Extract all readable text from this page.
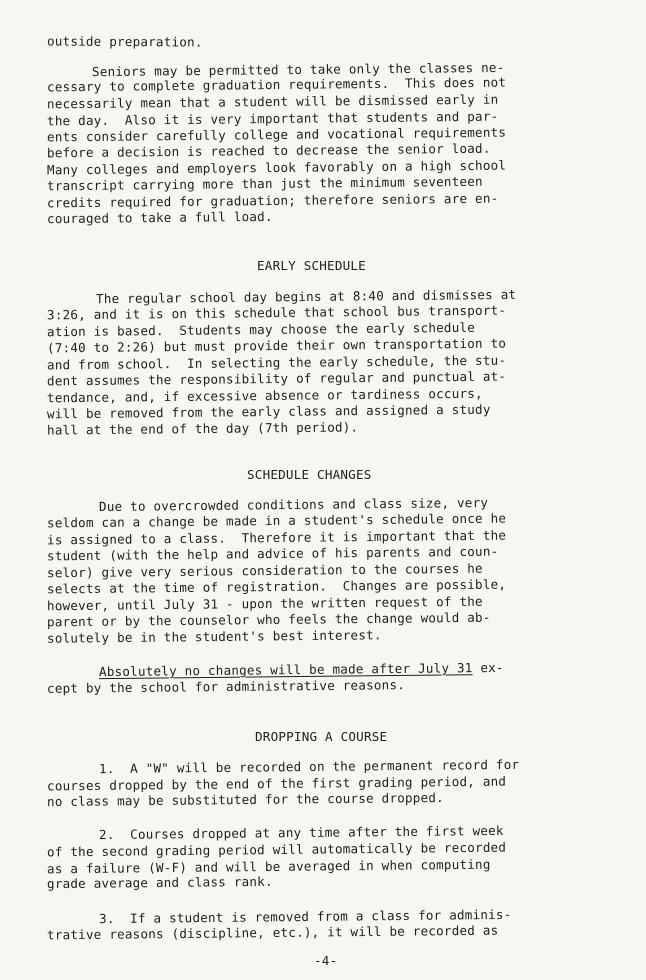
outside preparation.
Seniors may be permitted to take only the classes ne-
cessary to complete graduation requirements.  This does not
necessarily mean that a student will be dismissed early in
the day.  Also it is very important that students and par-
ents consider carefully college and vocational requirements
before a decision is reached to decrease the senior load.
Many colleges and employers look favorably on a high school
transcript carrying more than just the minimum seventeen
credits required for graduation; therefore seniors are en-
couraged to take a full load.
EARLY SCHEDULE
The regular school day begins at 8:40 and dismisses at
3:26, and it is on this schedule that school bus transport-
ation is based.  Students may choose the early schedule
(7:40 to 2:26) but must provide their own transportation to
and from school.  In selecting the early schedule, the stu-
dent assumes the responsibility of regular and punctual at-
tendance, and, if excessive absence or tardiness occurs,
will be removed from the early class and assigned a study
hall at the end of the day (7th period).
SCHEDULE CHANGES
Due to overcrowded conditions and class size, very
seldom can a change be made in a student's schedule once he
is assigned to a class.  Therefore it is important that the
student (with the help and advice of his parents and coun-
selor) give very serious consideration to the courses he
selects at the time of registration.  Changes are possible,
however, until July 31 - upon the written request of the
parent or by the counselor who feels the change would ab-
solutely be in the student's best interest.
Absolutely no changes will be made after July 31 ex-
cept by the school for administrative reasons.
DROPPING A COURSE
1.  A "W" will be recorded on the permanent record for
courses dropped by the end of the first grading period, and
no class may be substituted for the course dropped.
2.  Courses dropped at any time after the first week
of the second grading period will automatically be recorded
as a failure (W-F) and will be averaged in when computing
grade average and class rank.
3.  If a student is removed from a class for adminis-
trative reasons (discipline, etc.), it will be recorded as
-4-
